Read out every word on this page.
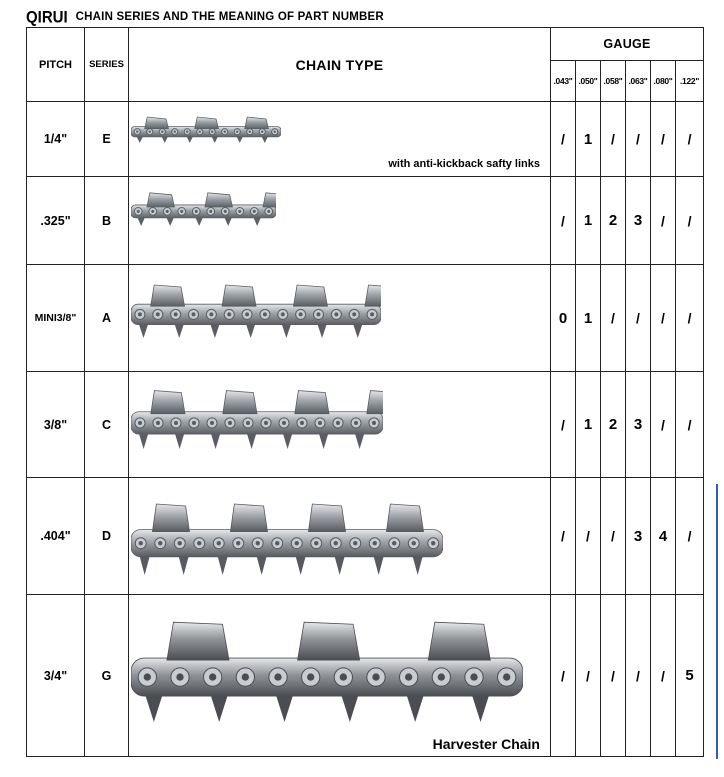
QIRUI CHAIN SERIES AND THE MEANING OF PART NUMBER
PITCH	SERIES	CHAIN TYPE	GAUGE					
			.043"	.050"	.058"	.063"	.080"	.122"
1/4"	E	with anti-kickback safty links	/	1	/	/	/	/
.325"	B		/	1	2	3	/	/
MINI3/8"	A		0	1	/	/	/	/
3/8"	C		/	1	2	3	/	/
.404"	D		/	/	/	3	4	/
3/4"	G	Harvester Chain	/	/	/	/	/	5
